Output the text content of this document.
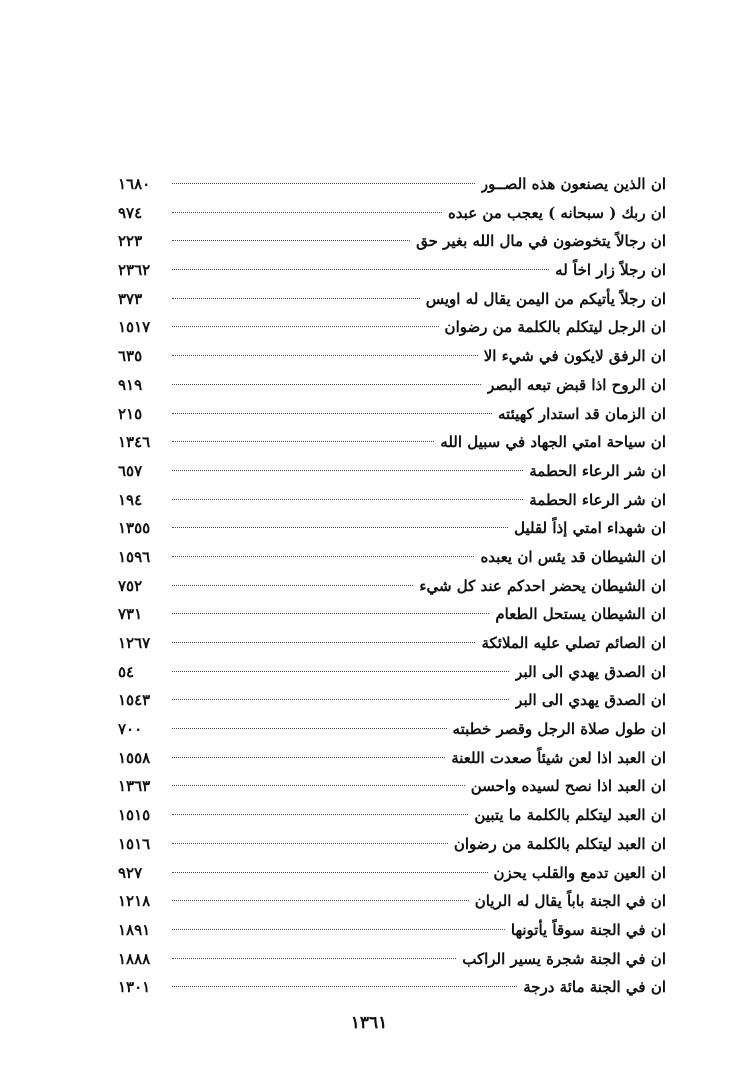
ان الذين يصنعون هذه الصــور
١٦٨٠
ان ربك ( سبحانه ) يعجب من عبده
٩٧٤
ان رجالاً يتخوضون في مال الله بغير حق
٢٢٣
ان رجلاً زار اخاً له
٢٣٦٢
ان رجلاً يأتيكم من اليمن يقال له اويس
٣٧٣
ان الرجل ليتكلم بالكلمة من رضوان
١٥١٧
ان الرفق لايكون في شيء الا
٦٣٥
ان الروح اذا قبض تبعه البصر
٩١٩
ان الزمان قد استدار كهيئته
٢١٥
ان سياحة امتي الجهاد في سبيل الله
١٣٤٦
ان شر الرعاء الحطمة
٦٥٧
ان شر الرعاء الحطمة
١٩٤
ان شهداء امتي إذاً لقليل
١٣٥٥
ان الشيطان قد يئس ان يعبده
١٥٩٦
ان الشيطان يحضر احدكم عند كل شيء
٧٥٢
ان الشيطان يستحل الطعام
٧٣١
ان الصائم تصلي عليه الملائكة
١٢٦٧
ان الصدق يهدي الى البر
٥٤
ان الصدق يهدي الى البر
١٥٤٣
ان طول صلاة الرجل وقصر خطبته
٧٠٠
ان العبد اذا لعن شيئاً صعدت اللعنة
١٥٥٨
ان العبد اذا نصح لسيده واحسن
١٣٦٣
ان العبد ليتكلم بالكلمة ما يتبين
١٥١٥
ان العبد ليتكلم بالكلمة من رضوان
١٥١٦
ان العين تدمع والقلب يحزن
٩٢٧
ان في الجنة باباً يقال له الريان
١٢١٨
ان في الجنة سوقاً يأتونها
١٨٩١
ان في الجنة شجرة يسير الراكب
١٨٨٨
ان في الجنة مائة درجة
١٣٠١
١٣٦١
